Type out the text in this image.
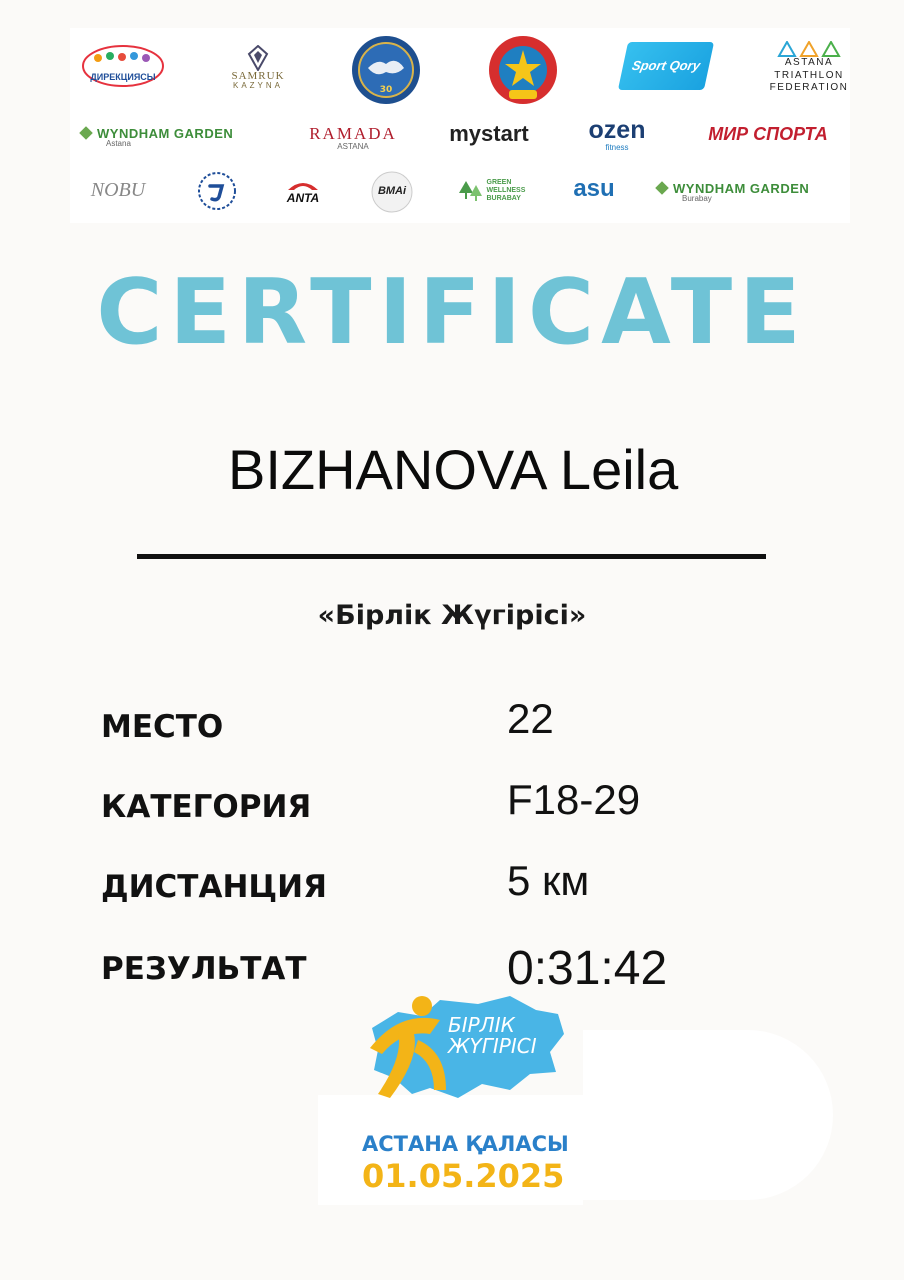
ДИРЕКЦИЯСЫ	SAMRUK
KAZYNA	30
Sport Qory	ASTANA
TRIATHLON
FEDERATION
WYNDHAM GARDEN
Astana
RAMADA
ASTANA	mystart ozen
fitness
МИР СПОРТА
NOBU	ANTA	BMAi
GREEN WELLNESS BURABAY	asu	WYNDHAM GARDEN
Burabay
CERTIFICATE
BIZHANOVA Leila
«Бірлік Жүгірісі»
МЕСТО	22
КАТЕГОРИЯ	F18-29
ДИСТАНЦИЯ	5 км
РЕЗУЛЬТАТ	0:31:42
БІРЛІК
ЖҮГІРІСІ
АСТАНА ҚАЛАСЫ
01.05.2025
